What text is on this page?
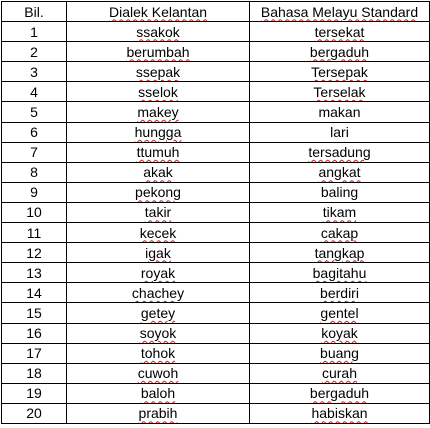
Bil.	Dialek Kelantan	Bahasa Melayu Standard
1	ssakok	tersekat
2	berumbah	bergaduh
3	ssepak	Tersepak
4	sselok	Terselak
5	makey	makan
6	hungga	lari
7	ttumuh	tersadung
8	akak	angkat
9	pekong	baling
10	takir	tikam
11	kecek	cakap
12	igak	tangkap
13	royak	bagitahu
14	chachey	berdiri
15	getey	gentel
16	soyok	koyak
17	tohok	buang
18	cuwoh	curah
19	baloh	bergaduh
20	prabih	habiskan
